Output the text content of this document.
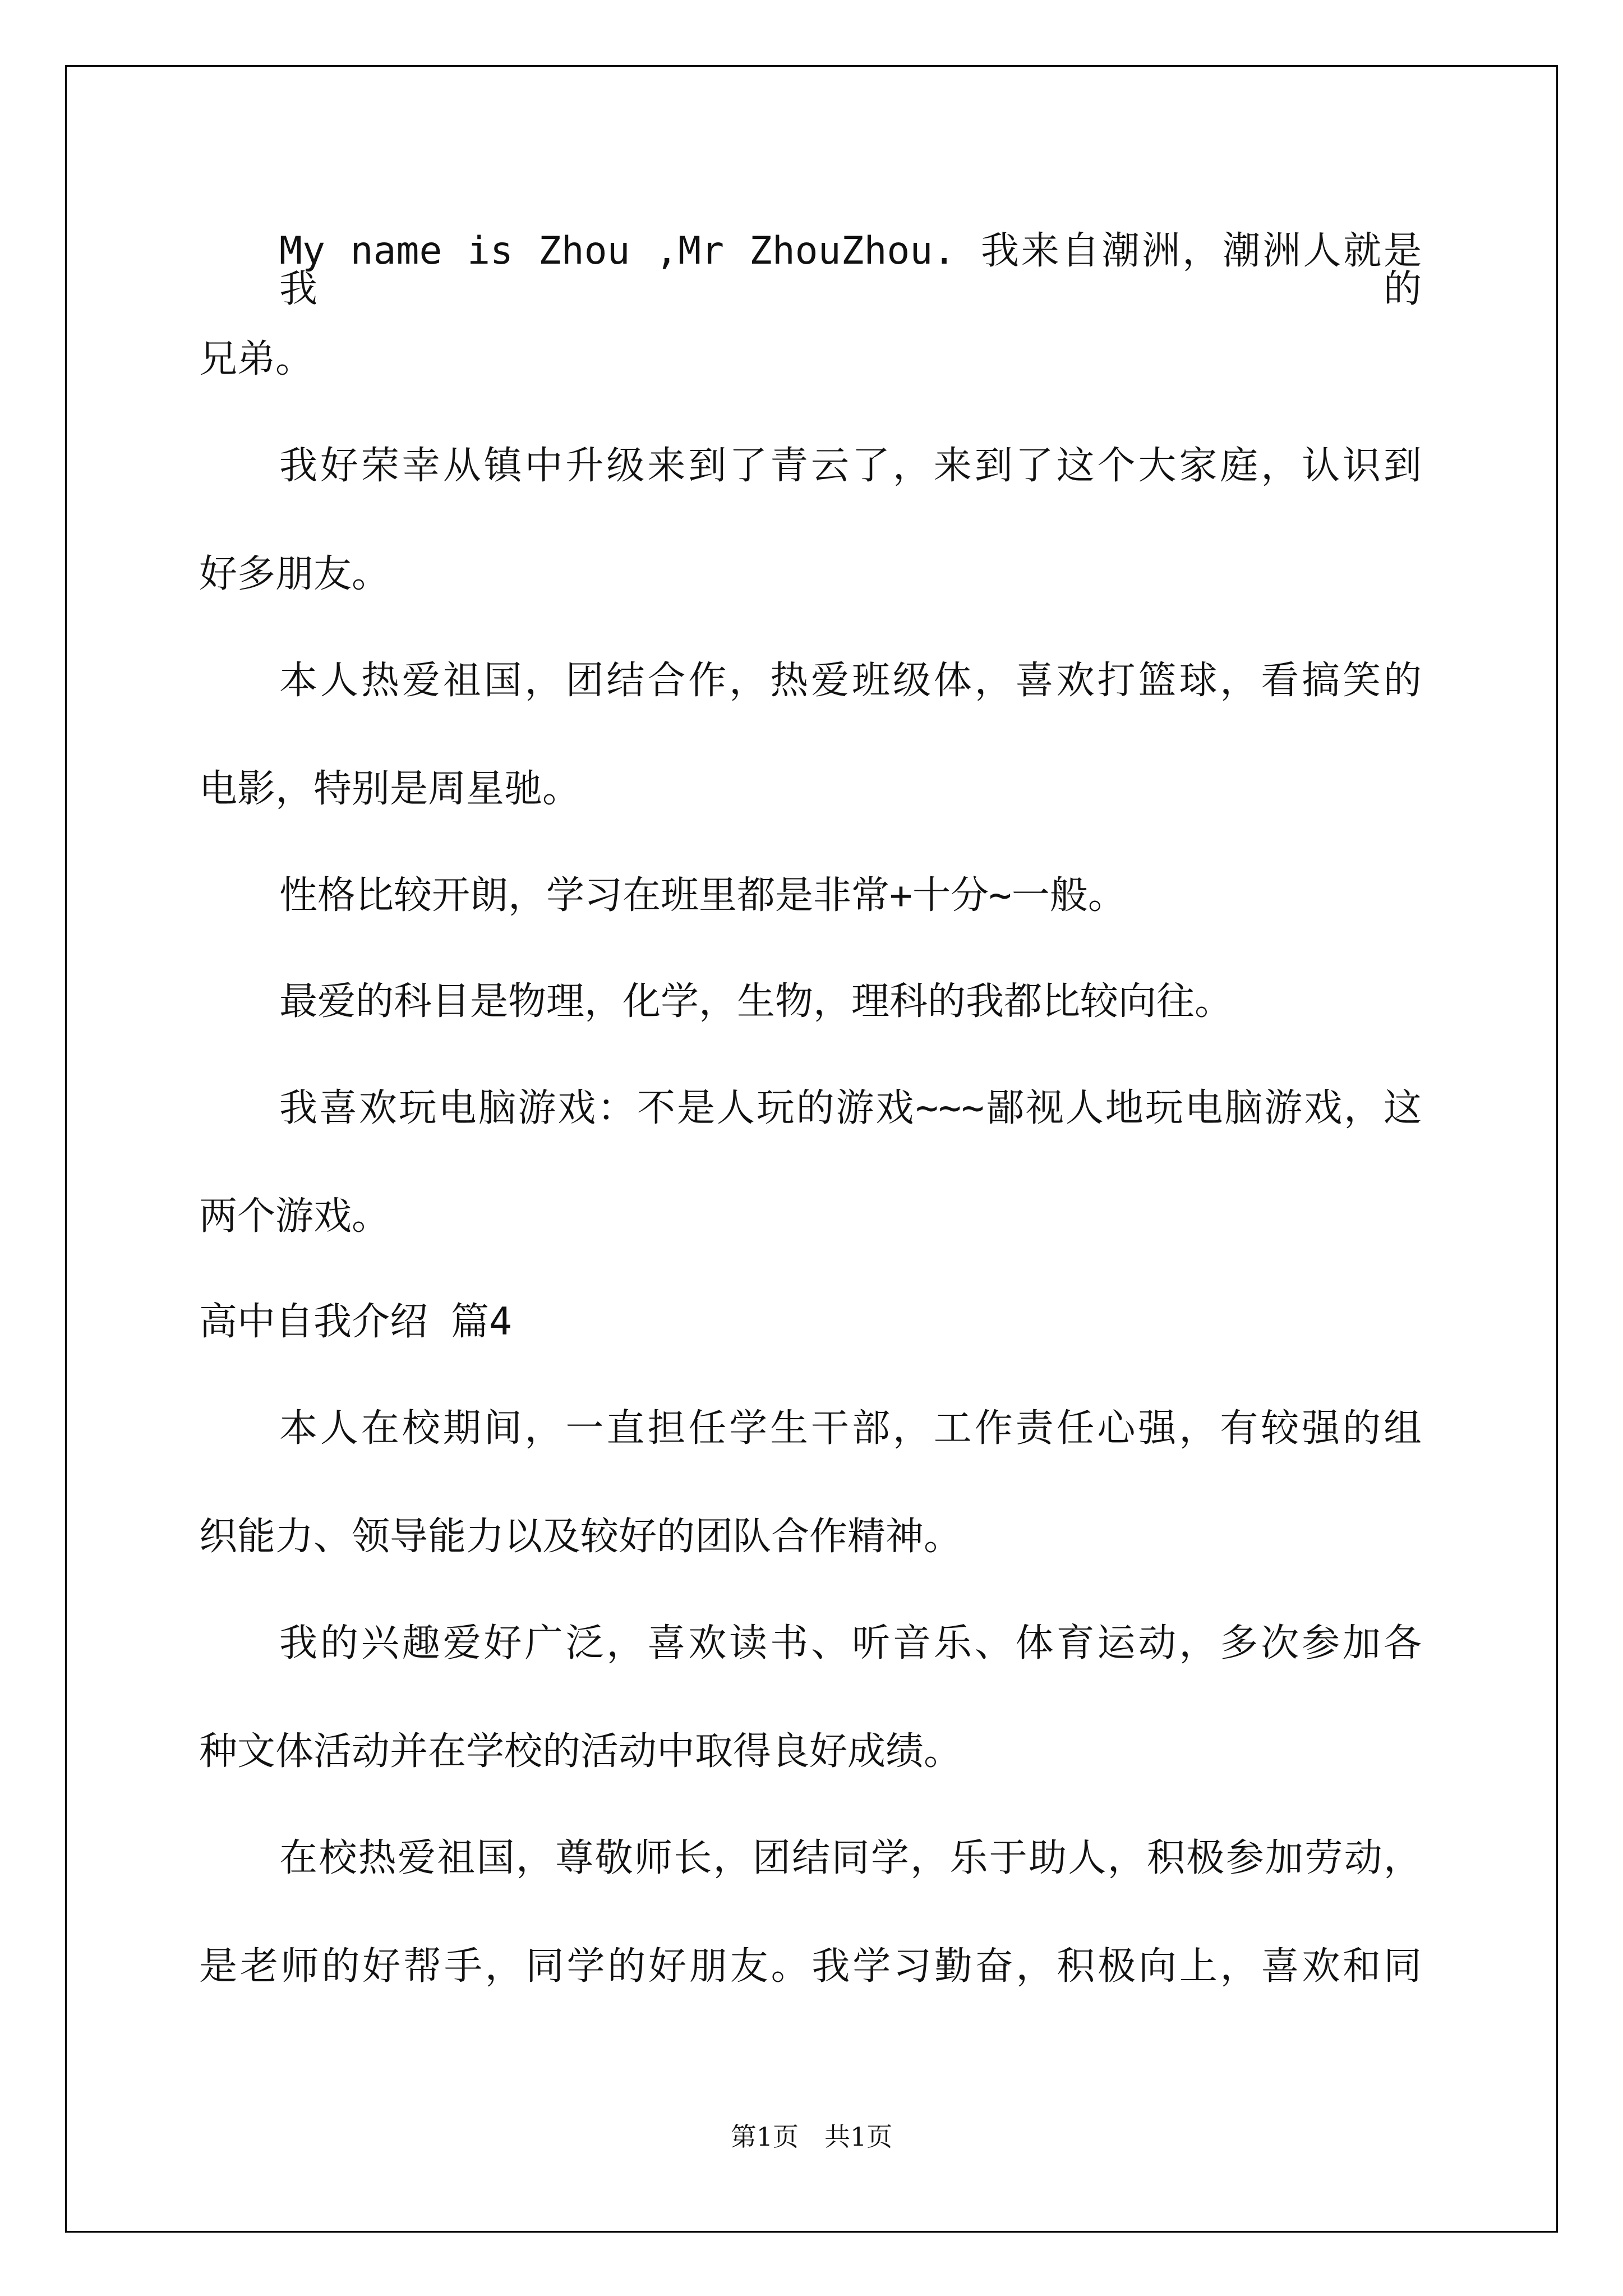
My name is Zhou ,Mr ZhouZhou. 我来自潮洲，潮洲人就是我的

兄弟。

我好荣幸从镇中升级来到了青云了，来到了这个大家庭，认识到

好多朋友。

本人热爱祖国，团结合作，热爱班级体，喜欢打篮球，看搞笑的

电影，特别是周星驰。

性格比较开朗，学习在班里都是非常+十分~一般。

最爱的科目是物理，化学，生物，理科的我都比较向往。

我喜欢玩电脑游戏：不是人玩的游戏~~~鄙视人地玩电脑游戏，这

两个游戏。

高中自我介绍 篇4

本人在校期间，一直担任学生干部，工作责任心强，有较强的组

织能力、领导能力以及较好的团队合作精神。

我的兴趣爱好广泛，喜欢读书、听音乐、体育运动，多次参加各

种文体活动并在学校的活动中取得良好成绩。

在校热爱祖国，尊敬师长，团结同学，乐于助人，积极参加劳动，

是老师的好帮手，同学的好朋友。我学习勤奋，积极向上，喜欢和同

第1页　共1页
